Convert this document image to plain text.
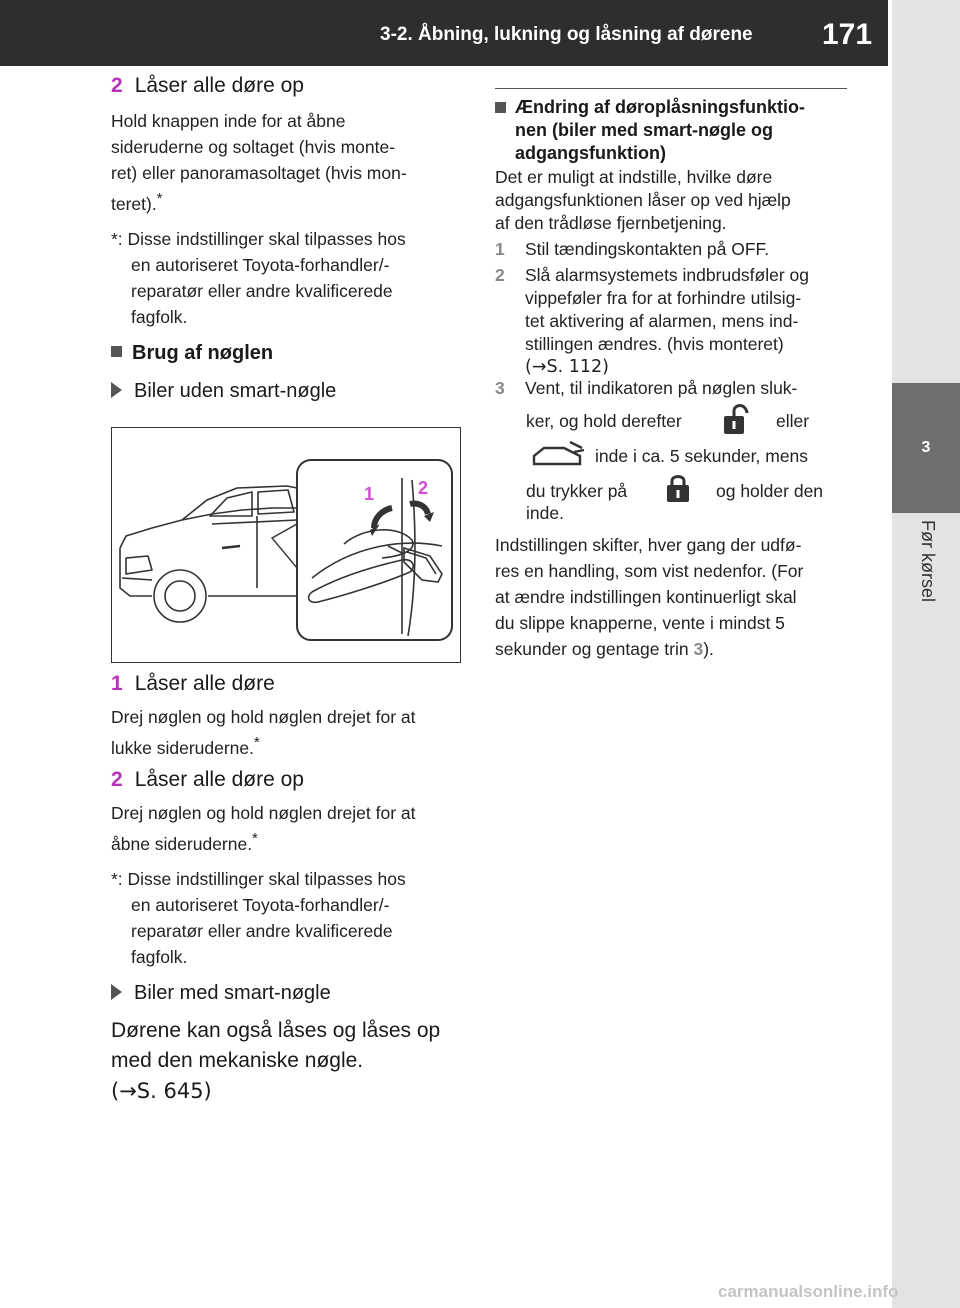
3-2. Åbning, lukning og låsning af dørene 171
3
Før kørsel
2 Låser alle døre op
Hold knappen inde for at åbne
sideruderne og soltaget (hvis monte-
ret) eller panoramasoltaget (hvis mon-
teret).*
*: Disse indstillinger skal tilpasses hos
en autoriseret Toyota-forhandler/-
reparatør eller andre kvalificerede
fagfolk.
Brug af nøglen
Biler uden smart-nøgle
1 2
1 Låser alle døre
Drej nøglen og hold nøglen drejet for at
lukke sideruderne.*
2 Låser alle døre op
Drej nøglen og hold nøglen drejet for at
åbne sideruderne.*
*: Disse indstillinger skal tilpasses hos
en autoriseret Toyota-forhandler/-
reparatør eller andre kvalificerede
fagfolk.
Biler med smart-nøgle
Dørene kan også låses og låses op
med den mekaniske nøgle.
(→S. 645)
Ændring af døroplåsningsfunktio-
nen (biler med smart-nøgle og
adgangsfunktion)
Det er muligt at indstille, hvilke døre
adgangsfunktionen låser op ved hjælp
af den trådløse fjernbetjening.
1 Stil tændingskontakten på OFF.
2 Slå alarmsystemets indbrudsføler og
vippeføler fra for at forhindre utilsig-
tet aktivering af alarmen, mens ind-
stillingen ændres. (hvis monteret)
(→S. 112)
3 Vent, til indikatoren på nøglen sluk-
ker, og hold derefter	eller
inde i ca. 5 sekunder, mens
du trykker på	og holder den
inde.
Indstillingen skifter, hver gang der udfø-
res en handling, som vist nedenfor. (For
at ændre indstillingen kontinuerligt skal
du slippe knapperne, vente i mindst 5
sekunder og gentage trin 3).
carmanualsonline.info
